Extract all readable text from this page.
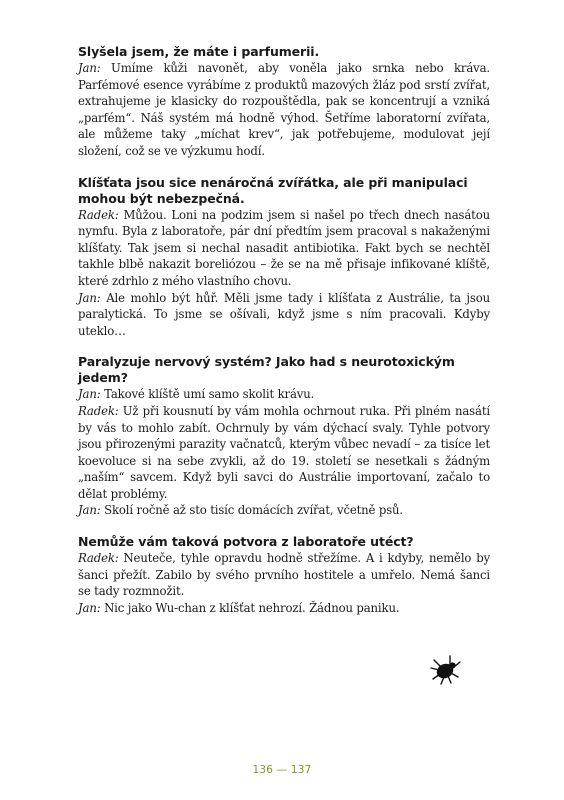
Slyšela jsem, že máte i parfumerii.

Jan: Umíme kůži navonět, aby voněla jako srnka nebo kráva. Parfémové esence vyrábíme z produktů mazových žláz pod srstí zvířat, extrahujeme je klasicky do rozpouštědla, pak se koncentrují a vzniká „parfém“. Náš systém má hodně výhod. Šetříme laboratorní zvířata, ale můžeme taky „míchat krev“, jak potřebujeme, modulovat její složení, což se ve výzkumu hodí.

Klíšťata jsou sice nenáročná zvířátka, ale při manipulaci mohou být nebezpečná.

Radek: Můžou. Loni na podzim jsem si našel po třech dnech nasátou nymfu. Byla z laboratoře, pár dní předtím jsem pracoval s nakaženými klíšťaty. Tak jsem si nechal nasadit antibiotika. Fakt bych se nechtěl takhle blbě nakazit boreliózou – že se na mě přisaje infikované klíště, které zdrhlo z mého vlastního chovu.

Jan: Ale mohlo být hůř. Měli jsme tady i klíšťata z Austrálie, ta jsou paralytická. To jsme se ošívali, když jsme s ním pracovali. Kdyby uteklo…

Paralyzuje nervový systém? Jako had s neurotoxickým jedem?

Jan: Takové klíště umí samo skolit krávu.

Radek: Už při kousnutí by vám mohla ochrnout ruka. Při plném nasátí by vás to mohlo zabít. Ochrnuly by vám dýchací svaly. Tyhle potvory jsou přirozenými parazity vačnatců, kterým vůbec nevadí – za tisíce let koevoluce si na sebe zvykli, až do 19. století se nesetkali s žádným „naším“ savcem. Když byli savci do Austrálie importovaní, začalo to dělat problémy.

Jan: Skolí ročně až sto tisíc domácích zvířat, včetně psů.

Nemůže vám taková potvora z laboratoře utéct?

Radek: Neuteče, tyhle opravdu hodně střežíme. A i kdyby, nemělo by šanci přežít. Zabilo by svého prvního hostitele a umřelo. Nemá šanci se tady rozmnožit.

Jan: Nic jako Wu-chan z klíšťat nehrozí. Žádnou paniku.

136 — 137
